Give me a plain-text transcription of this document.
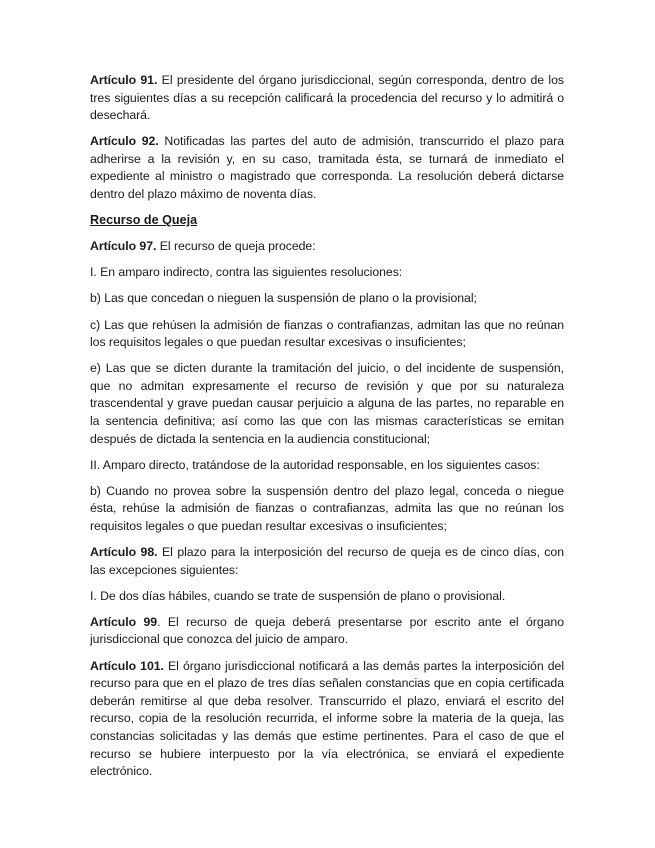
Artículo 91. El presidente del órgano jurisdiccional, según corresponda, dentro de los tres siguientes días a su recepción calificará la procedencia del recurso y lo admitirá o desechará.

Artículo 92. Notificadas las partes del auto de admisión, transcurrido el plazo para adherirse a la revisión y, en su caso, tramitada ésta, se turnará de inmediato el expediente al ministro o magistrado que corresponda. La resolución deberá dictarse dentro del plazo máximo de noventa días.

Recurso de Queja

Artículo 97. El recurso de queja procede:

I. En amparo indirecto, contra las siguientes resoluciones:

b) Las que concedan o nieguen la suspensión de plano o la provisional;

c) Las que rehúsen la admisión de fianzas o contrafianzas, admitan las que no reúnan los requisitos legales o que puedan resultar excesivas o insuficientes;

e) Las que se dicten durante la tramitación del juicio, o del incidente de suspensión, que no admitan expresamente el recurso de revisión y que por su naturaleza trascendental y grave puedan causar perjuicio a alguna de las partes, no reparable en la sentencia definitiva; así como las que con las mismas características se emitan después de dictada la sentencia en la audiencia constitucional;

II. Amparo directo, tratándose de la autoridad responsable, en los siguientes casos:

b) Cuando no provea sobre la suspensión dentro del plazo legal, conceda o niegue ésta, rehúse la admisión de fianzas o contrafianzas, admita las que no reúnan los requisitos legales o que puedan resultar excesivas o insuficientes;

Artículo 98. El plazo para la interposición del recurso de queja es de cinco días, con las excepciones siguientes:

I. De dos días hábiles, cuando se trate de suspensión de plano o provisional.

Artículo 99. El recurso de queja deberá presentarse por escrito ante el órgano jurisdiccional que conozca del juicio de amparo.

Artículo 101. El órgano jurisdiccional notificará a las demás partes la interposición del recurso para que en el plazo de tres días señalen constancias que en copia certificada deberán remitirse al que deba resolver. Transcurrido el plazo, enviará el escrito del recurso, copia de la resolución recurrida, el informe sobre la materia de la queja, las constancias solicitadas y las demás que estime pertinentes. Para el caso de que el recurso se hubiere interpuesto por la vía electrónica, se enviará el expediente electrónico.
